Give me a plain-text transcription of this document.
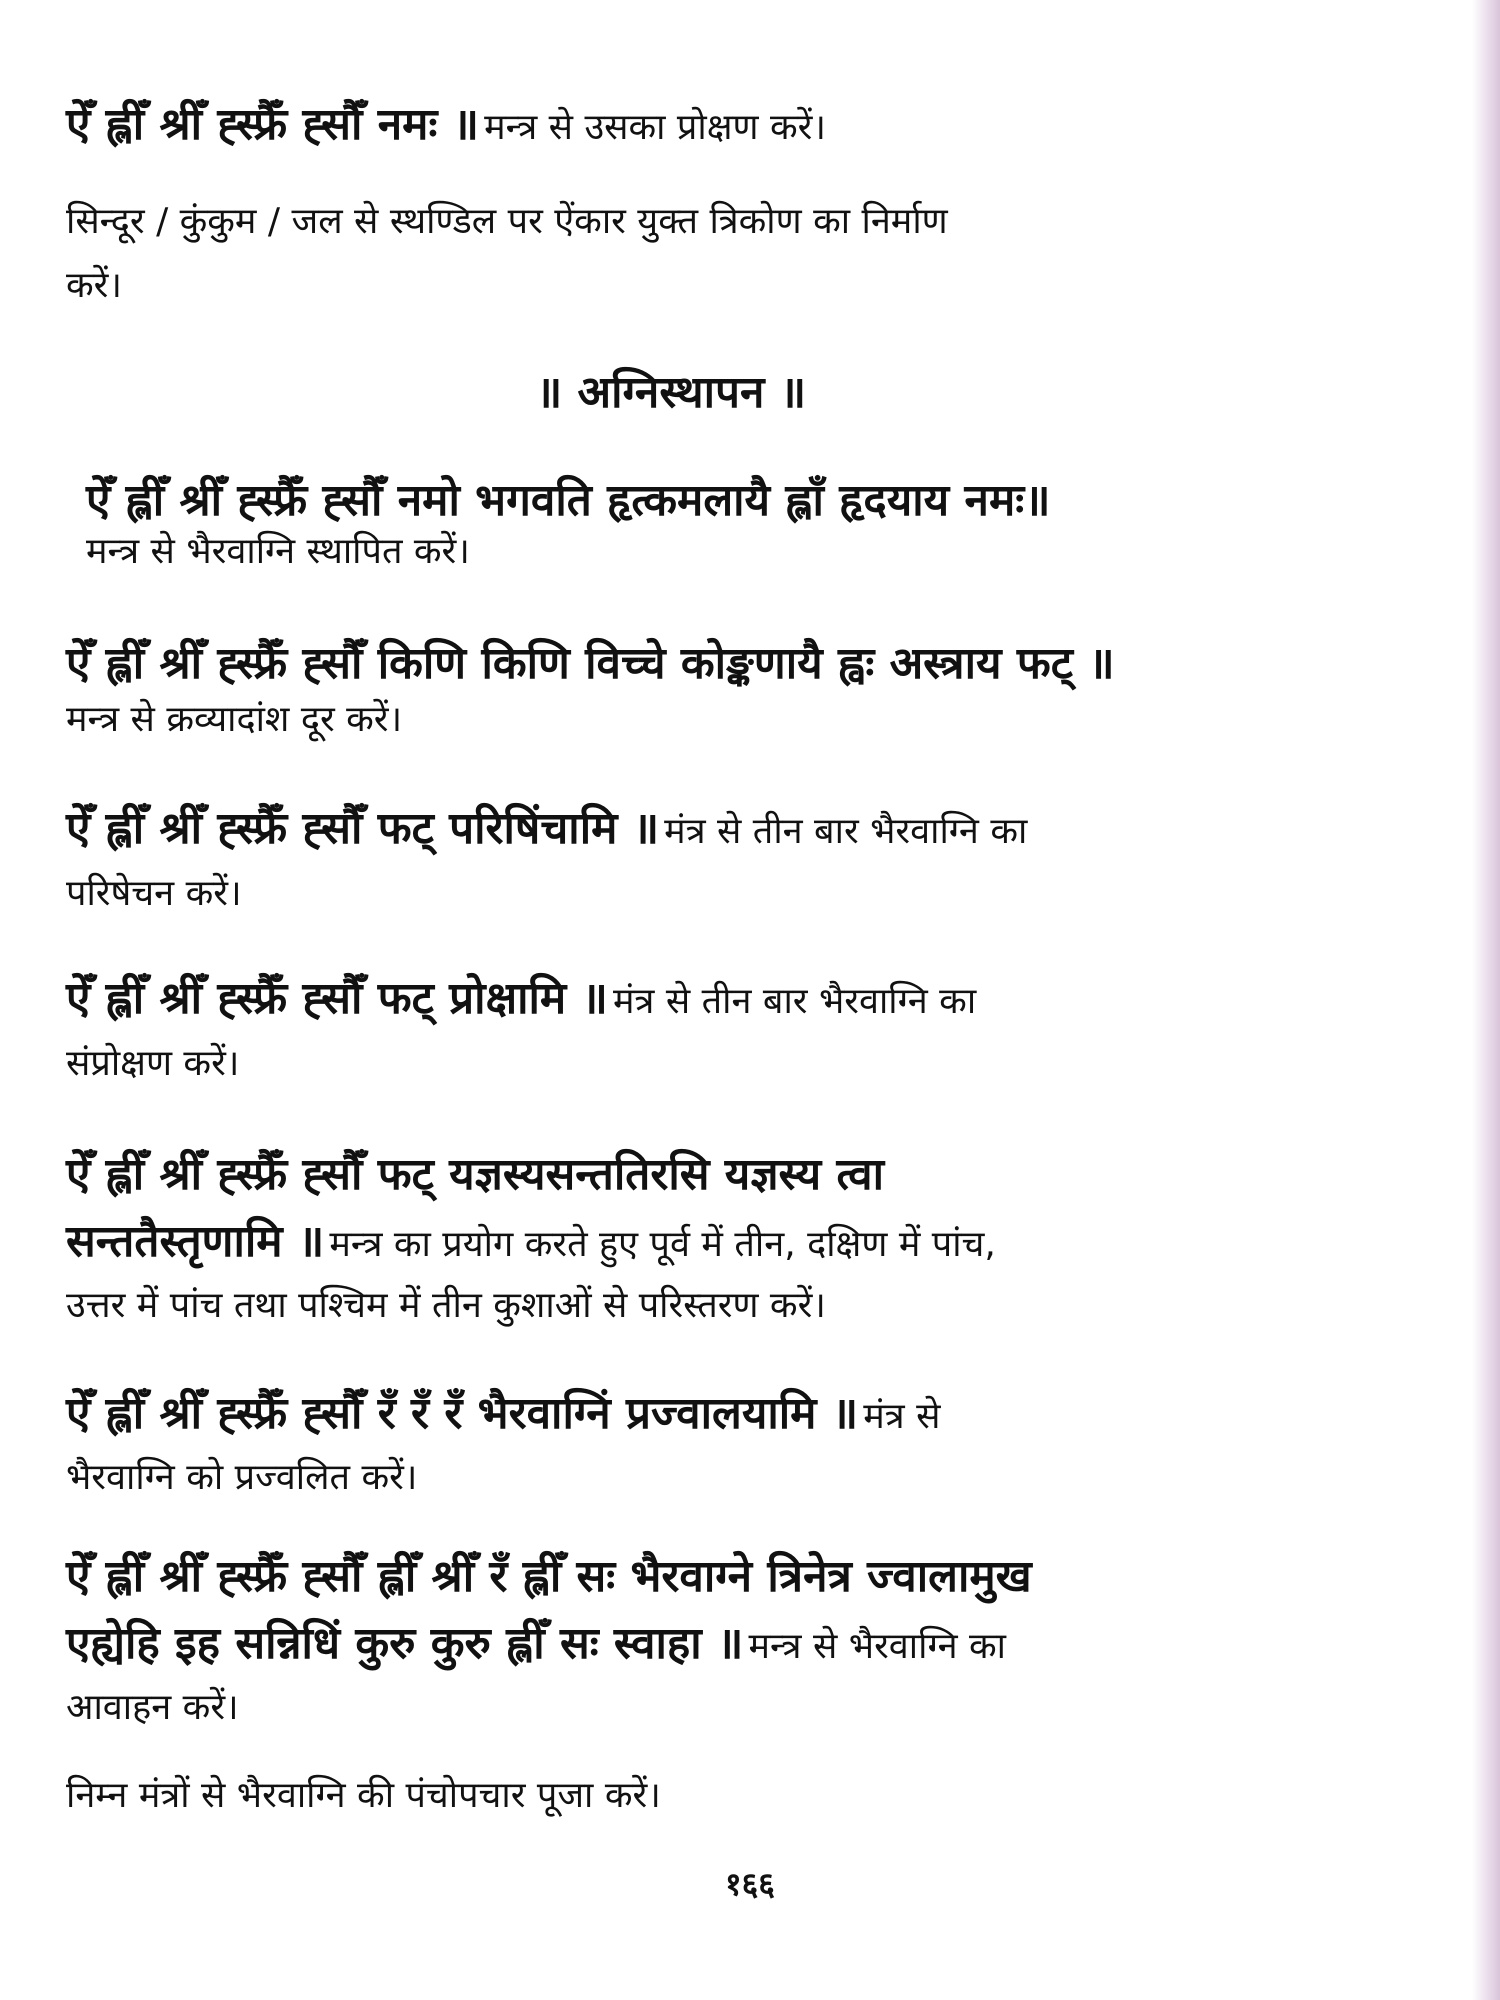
ऐँ ह्लीँ श्रीँ ह्स्फ्रैँ ह्सौँ नमः ॥ मन्त्र से उसका प्रोक्षण करें।
सिन्दूर / कुंकुम / जल से स्थण्डिल पर ऐंकार युक्त त्रिकोण का निर्माण
करें।
॥ अग्निस्थापन ॥
ऐँ ह्लीँ श्रीँ ह्स्फ्रैँ ह्सौँ नमो भगवति हृत्कमलायै ह्लाँ हृदयाय नमः॥
मन्त्र से भैरवाग्नि स्थापित करें।
ऐँ ह्लीँ श्रीँ ह्स्फ्रैँ ह्सौँ किणि किणि विच्चे कोङ्कणायै ह्वः अस्त्राय फट् ॥
मन्त्र से क्रव्यादांश दूर करें।
ऐँ ह्लीँ श्रीँ ह्स्फ्रैँ ह्सौँ फट् परिषिंचामि ॥ मंत्र से तीन बार भैरवाग्नि का
परिषेचन करें।
ऐँ ह्लीँ श्रीँ ह्स्फ्रैँ ह्सौँ फट् प्रोक्षामि ॥ मंत्र से तीन बार भैरवाग्नि का
संप्रोक्षण करें।
ऐँ ह्लीँ श्रीँ ह्स्फ्रैँ ह्सौँ फट् यज्ञस्यसन्ततिरसि यज्ञस्य त्वा
सन्ततैस्तृणामि ॥ मन्त्र का प्रयोग करते हुए पूर्व में तीन, दक्षिण में पांच,
उत्तर में पांच तथा पश्चिम में तीन कुशाओं से परिस्तरण करें।
ऐँ ह्लीँ श्रीँ ह्स्फ्रैँ ह्सौँ रँ रँ रँ भैरवाग्निं प्रज्वालयामि ॥ मंत्र से
भैरवाग्नि को प्रज्वलित करें।
ऐँ ह्लीँ श्रीँ ह्स्फ्रैँ ह्सौँ ह्लीँ श्रीँ रँ ह्लीँ सः भैरवाग्ने त्रिनेत्र ज्वालामुख
एह्येहि इह सन्निधिं कुरु कुरु ह्लीँ सः स्वाहा ॥ मन्त्र से भैरवाग्नि का
आवाहन करें।
निम्न मंत्रों से भैरवाग्नि की पंचोपचार पूजा करें।
१६६
